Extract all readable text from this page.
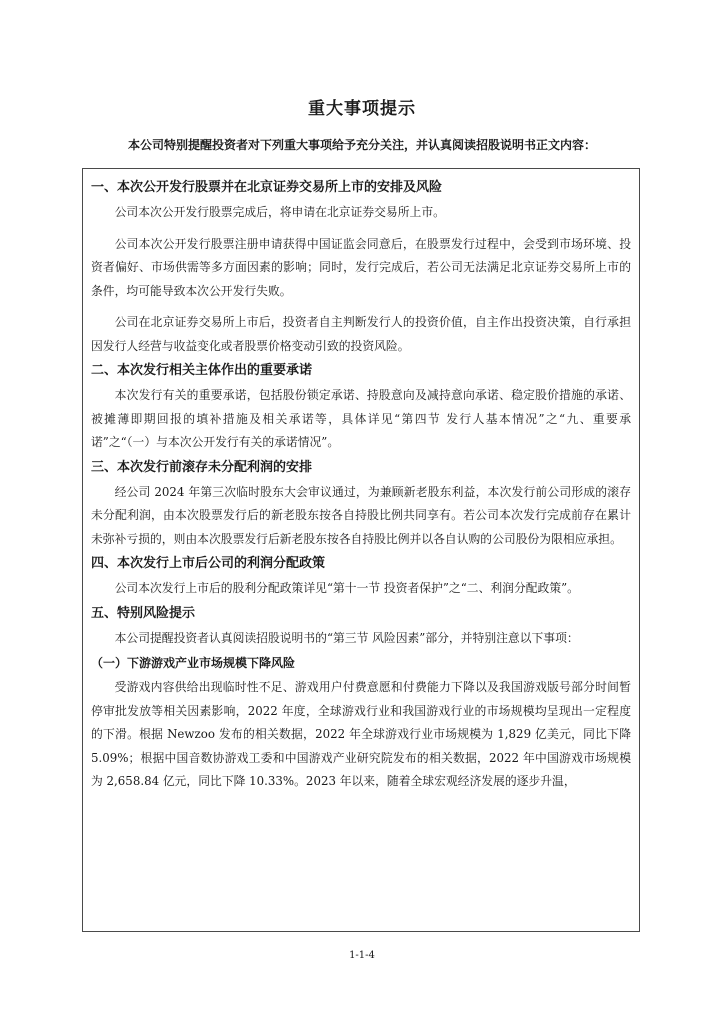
重大事项提示
本公司特别提醒投资者对下列重大事项给予充分关注，并认真阅读招股说明书正文内容：
一、本次公开发行股票并在北京证券交易所上市的安排及风险

公司本次公开发行股票完成后，将申请在北京证券交易所上市。

公司本次公开发行股票注册申请获得中国证监会同意后，在股票发行过程中，会受到市场环境、投资者偏好、市场供需等多方面因素的影响；同时，发行完成后，若公司无法满足北京证券交易所上市的条件，均可能导致本次公开发行失败。

公司在北京证券交易所上市后，投资者自主判断发行人的投资价值，自主作出投资决策，自行承担因发行人经营与收益变化或者股票价格变动引致的投资风险。

二、本次发行相关主体作出的重要承诺

本次发行有关的重要承诺，包括股份锁定承诺、持股意向及减持意向承诺、稳定股价措施的承诺、被摊薄即期回报的填补措施及相关承诺等，具体详见“第四节 发行人基本情况”之“九、重要承诺”之“（一）与本次公开发行有关的承诺情况”。

三、本次发行前滚存未分配利润的安排

经公司 2024 年第三次临时股东大会审议通过，为兼顾新老股东利益，本次发行前公司形成的滚存未分配利润，由本次股票发行后的新老股东按各自持股比例共同享有。若公司本次发行完成前存在累计未弥补亏损的，则由本次股票发行后新老股东按各自持股比例并以各自认购的公司股份为限相应承担。

四、本次发行上市后公司的利润分配政策

公司本次发行上市后的股利分配政策详见“第十一节 投资者保护”之“二、利润分配政策”。

五、特别风险提示

本公司提醒投资者认真阅读招股说明书的“第三节 风险因素”部分，并特别注意以下事项：

（一）下游游戏产业市场规模下降风险

受游戏内容供给出现临时性不足、游戏用户付费意愿和付费能力下降以及我国游戏版号部分时间暂停审批发放等相关因素影响，2022 年度，全球游戏行业和我国游戏行业的市场规模均呈现出一定程度的下滑。根据 Newzoo 发布的相关数据，2022 年全球游戏行业市场规模为 1,829 亿美元，同比下降 5.09%；根据中国音数协游戏工委和中国游戏产业研究院发布的相关数据，2022 年中国游戏市场规模为 2,658.84 亿元，同比下降 10.33%。2023 年以来，随着全球宏观经济发展的逐步升温，

1-1-4
